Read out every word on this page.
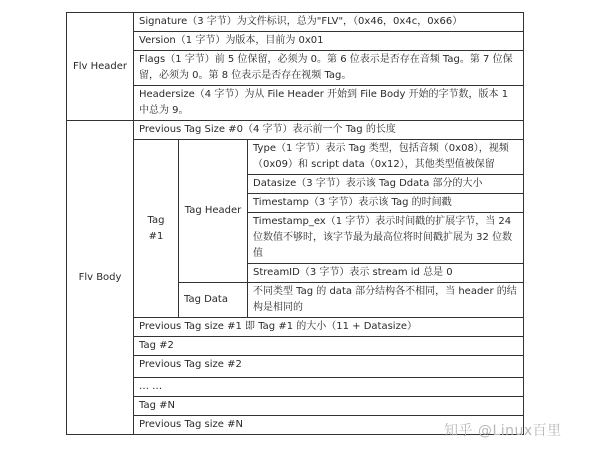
Flv Header	Signature（3 字节）为文件标识，总为"FLV"，（0x46，0x4c，0x66）		
	Version（1 字节）为版本，目前为 0x01		
	Flags（1 字节）前 5 位保留，必须为 0。第 6 位表示是否存在音频 Tag。第 7 位保留，必须为 0。第 8 位表示是否存在视频 Tag。		
	Headersize（4 字节）为从 File Header 开始到 File Body 开始的字节数，版本 1 中总为 9。		
Flv Body	Previous Tag Size #0（4 字节）表示前一个 Tag 的长度		
	Tag #1	Tag Header	Type（1 字节）表示 Tag 类型，包括音频（0x08），视频（0x09）和 script data（0x12），其他类型值被保留
			Datasize（3 字节）表示该 Tag Ddata 部分的大小
			Timestamp（3 字节）表示该 Tag 的时间戳
			Timestamp_ex（1 字节）表示时间戳的扩展字节，当 24 位数值不够时，该字节最为最高位将时间戳扩展为 32 位数值
			StreamID（3 字节）表示 stream id 总是 0
		Tag Data	不同类型 Tag 的 data 部分结构各不相同，当 header 的结构是相同的
	Previous Tag size #1 即 Tag #1 的大小（11 + Datasize）		
	Tag #2		
	Previous Tag size #2		
	… …		
	Tag #N		
	Previous Tag size #N			知乎 @Linux百里
